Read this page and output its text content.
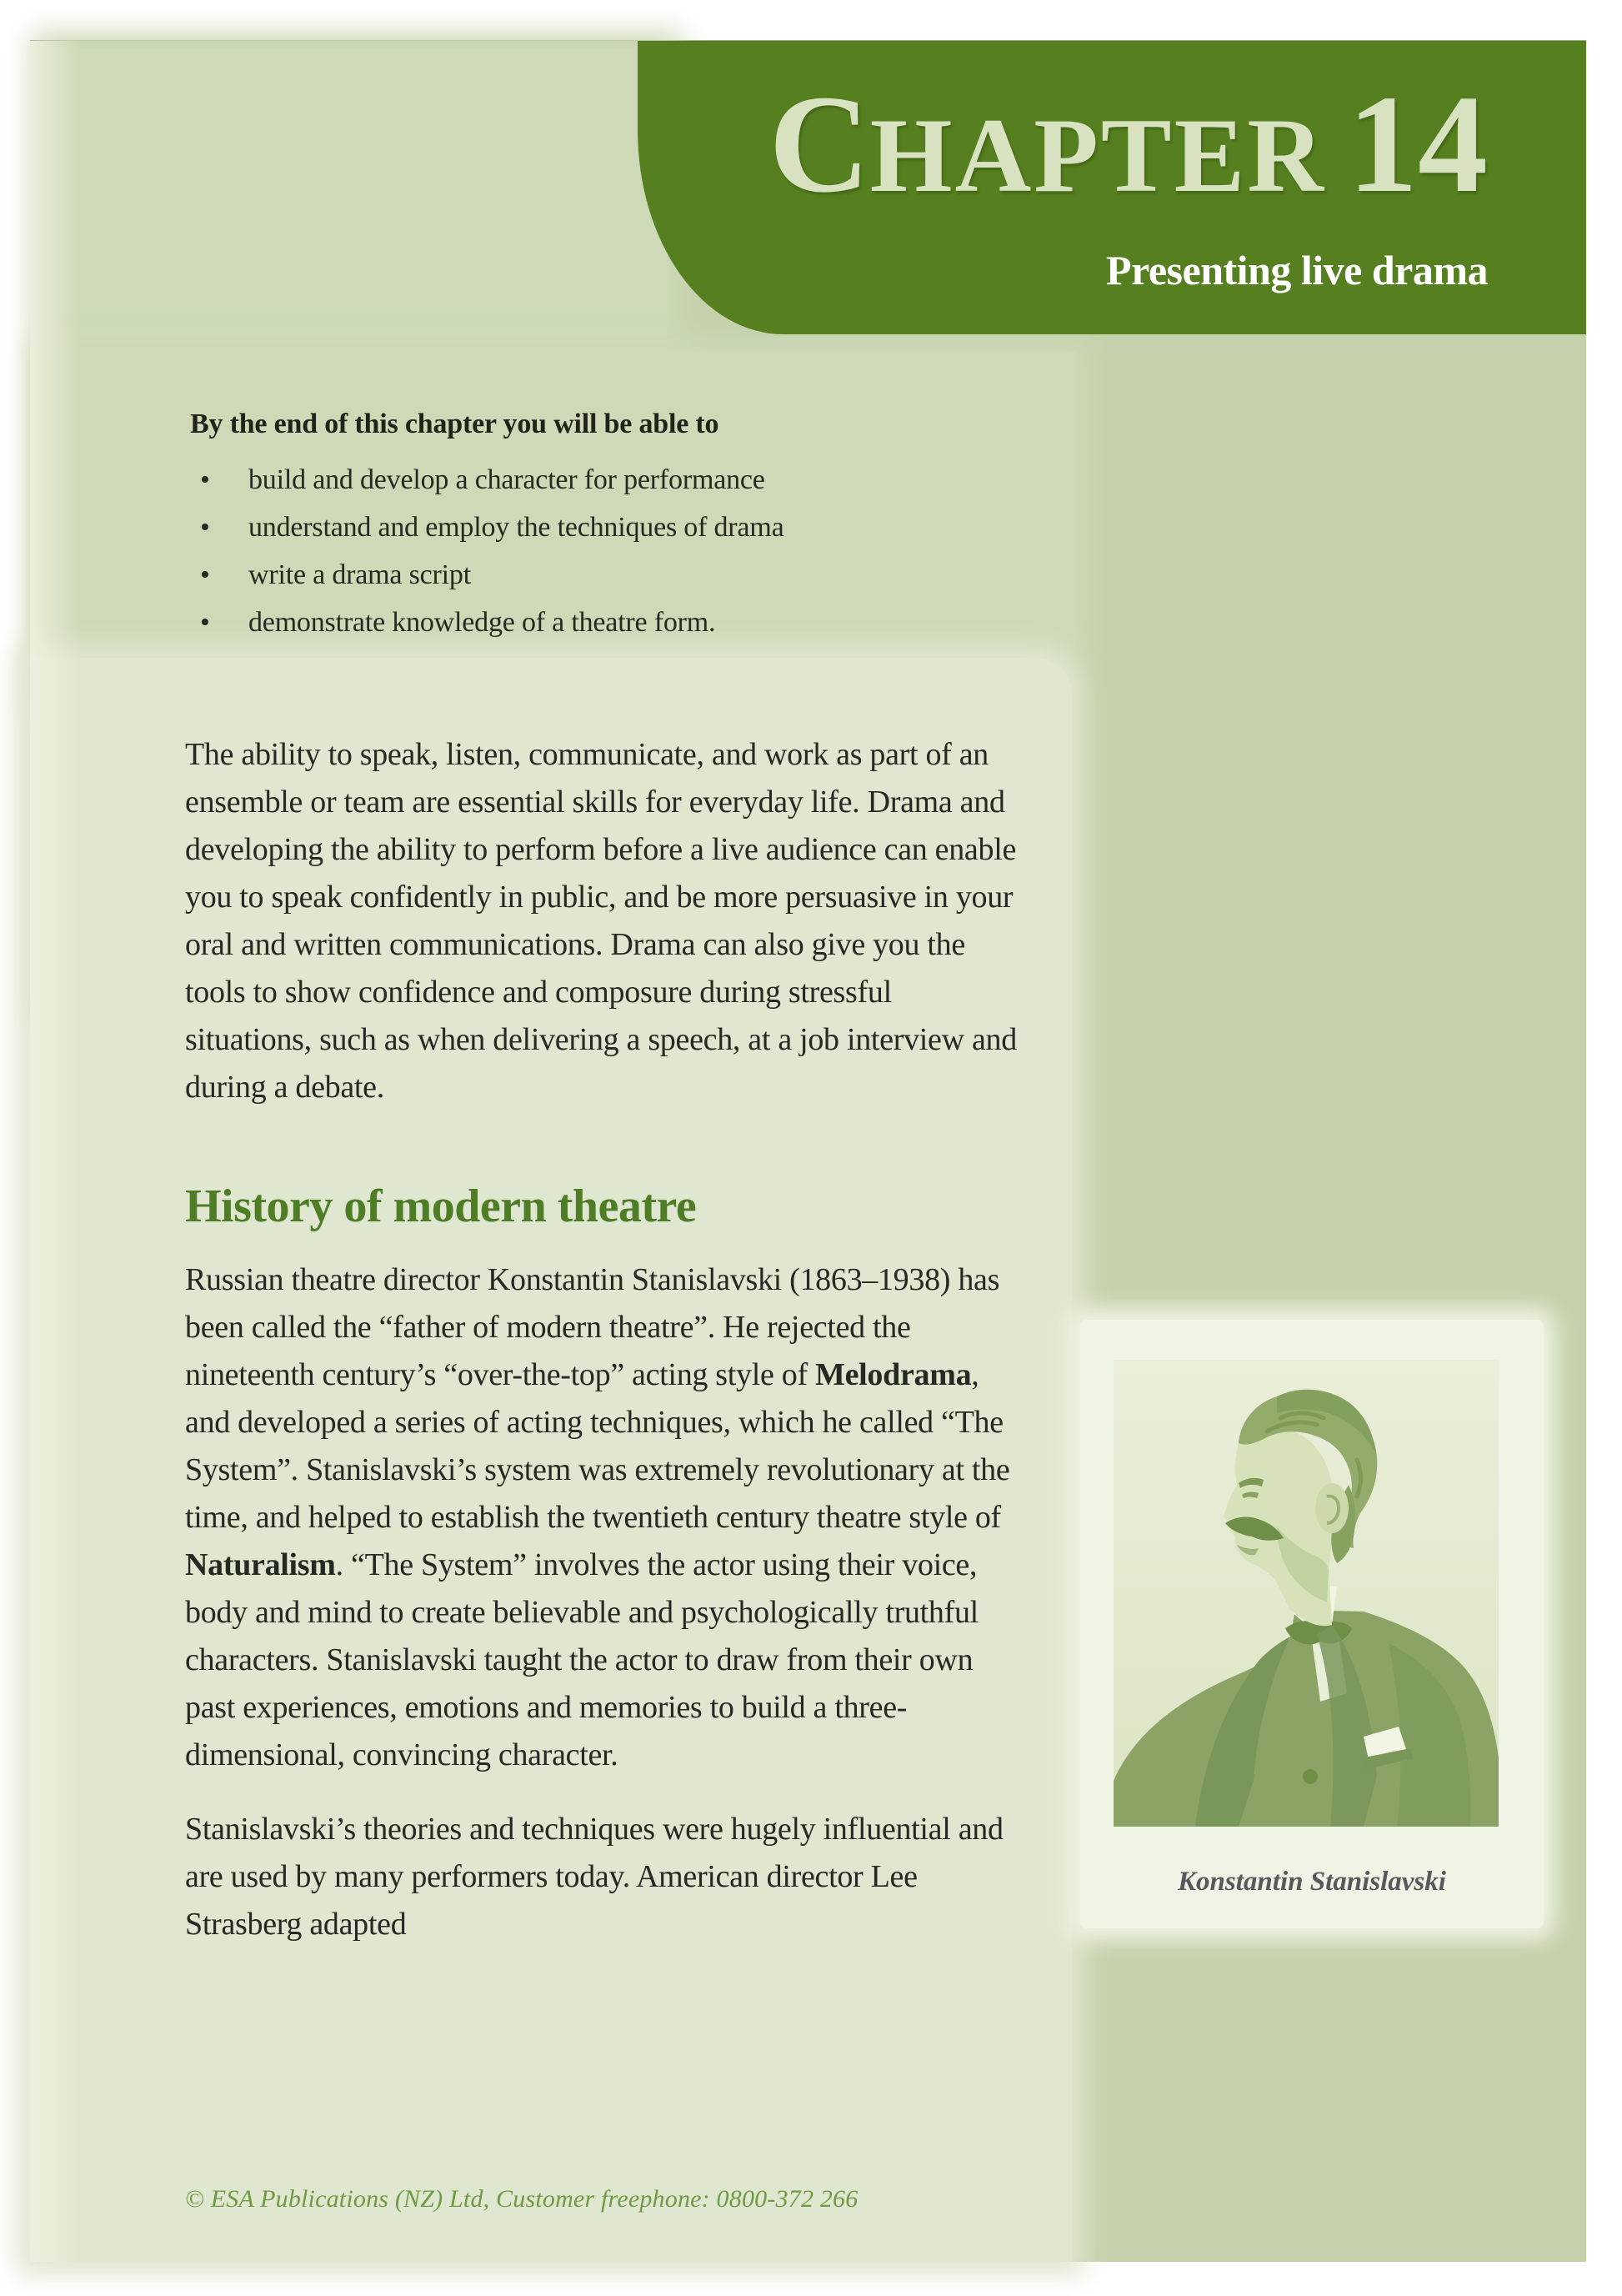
CHAPTER 14
Presenting live drama
By the end of this chapter you will be able to
•	build and develop a character for performance
•	understand and employ the techniques of drama
•	write a drama script
•	demonstrate knowledge of a theatre form.

The ability to speak, listen, communicate, and work as part of an ensemble or team are essential skills for everyday life. Drama and developing the ability to perform before a live audience can enable you to speak confidently in public, and be more persuasive in your oral and written communications. Drama can also give you the tools to show confidence and composure during stressful situations, such as when delivering a speech, at a job interview and during a debate.

History of modern theatre

Russian theatre director Konstantin Stanislavski (1863–1938) has been called the “father of modern theatre”. He rejected the nineteenth century’s “over-the-top” acting style of Melodrama, and developed a series of acting techniques, which he called “The System”. Stanislavski’s system was extremely revolutionary at the time, and helped to establish the twentieth century theatre style of Naturalism. “The System” involves the actor using their voice, body and mind to create believable and psychologically truthful characters. Stanislavski taught the actor to draw from their own past experiences, emotions and memories to build a three-dimensional, convincing character.

Stanislavski’s theories and techniques were hugely influential and are used by many performers today. American director Lee Strasberg adapted

Konstantin Stanislavski
© ESA Publications (NZ) Ltd, Customer freephone: 0800-372 266
